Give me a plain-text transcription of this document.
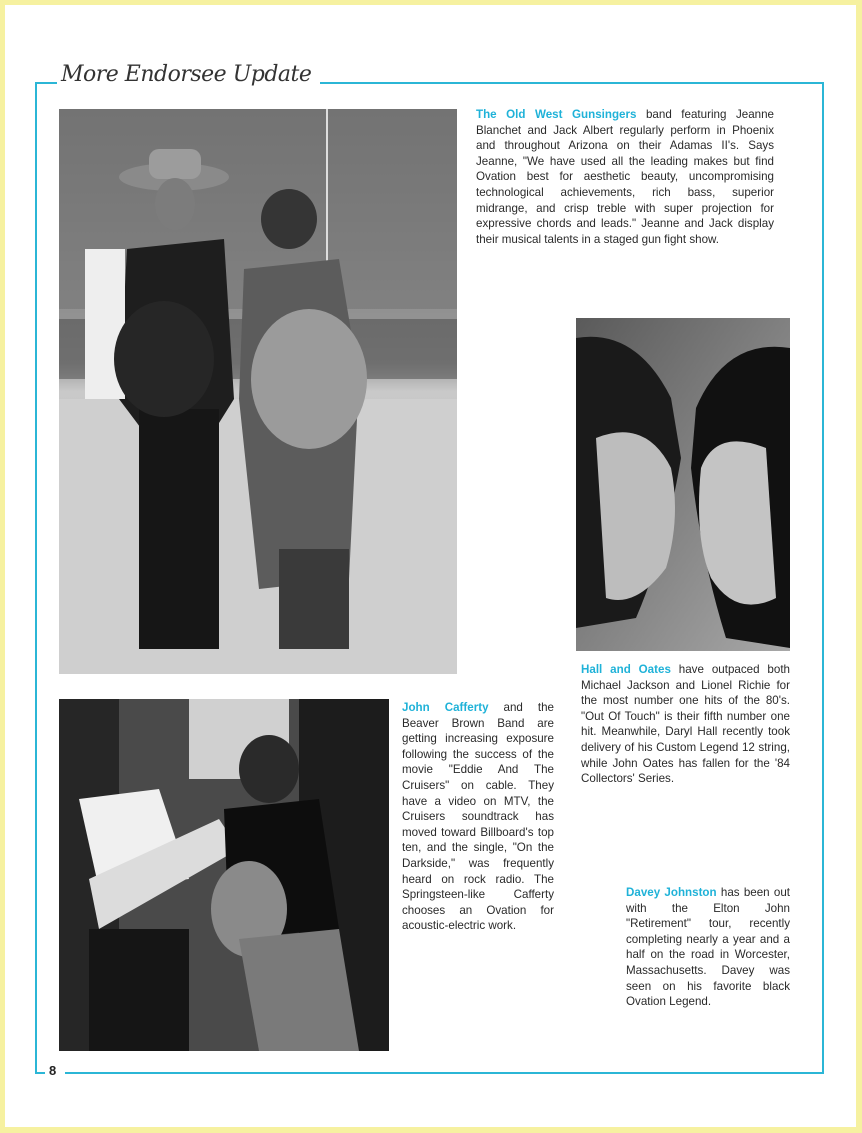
More Endorsee Update
The Old West Gunsingers band featuring Jeanne Blanchet and Jack Albert regularly perform in Phoenix and throughout Arizona on their Adamas II's. Says Jeanne, "We have used all the leading makes but find Ovation best for aesthetic beauty, uncompromising technological achievements, rich bass, superior midrange, and crisp treble with super projection for expressive chords and leads." Jeanne and Jack display their musical talents in a staged gun fight show.
Hall and Oates have outpaced both Michael Jackson and Lionel Richie for the most number one hits of the 80's. "Out Of Touch" is their fifth number one hit. Meanwhile, Daryl Hall recently took delivery of his Custom Legend 12 string, while John Oates has fallen for the '84 Collectors' Series.
John Cafferty and the Beaver Brown Band are getting increasing exposure following the success of the movie "Eddie And The Cruisers" on cable. They have a video on MTV, the Cruisers soundtrack has moved toward Billboard's top ten, and the single, "On the Darkside," was frequently heard on rock radio. The Springsteen-like Cafferty chooses an Ovation for acoustic-electric work.
Davey Johnston has been out with the Elton John "Retirement" tour, recently completing nearly a year and a half on the road in Worcester, Massachusetts. Davey was seen on his favorite black Ovation Legend.
8
